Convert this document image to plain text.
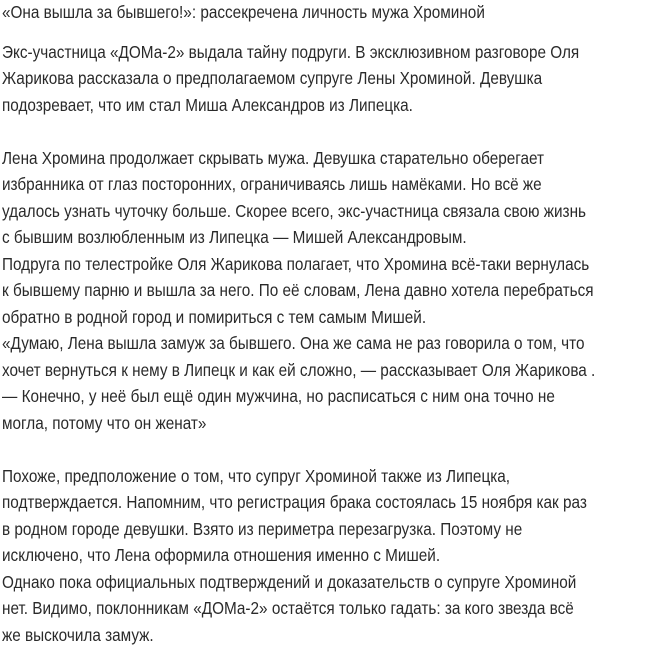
«Она вышла за бывшего!»: рассекречена личность мужа Хроминой
Экс-участница «ДОМа-2» выдала тайну подруги. В эксклюзивном разговоре Оля
Жарикова рассказала о предполагаемом супруге Лены Хроминой. Девушка
подозревает, что им стал Миша Александров из Липецка.
Лена Хромина продолжает скрывать мужа. Девушка старательно оберегает
избранника от глаз посторонних, ограничиваясь лишь намёками. Но всё же
удалось узнать чуточку больше. Скорее всего, экс-участница связала свою жизнь
с бывшим возлюбленным из Липецка — Мишей Александровым.
Подруга по телестройке Оля Жарикова полагает, что Хромина всё-таки вернулась
к бывшему парню и вышла за него. По её словам, Лена давно хотела перебраться
обратно в родной город и помириться с тем самым Мишей.
«Думаю, Лена вышла замуж за бывшего. Она же сама не раз говорила о том, что
хочет вернуться к нему в Липецк и как ей сложно, — рассказывает Оля Жарикова .
— Конечно, у неё был ещё один мужчина, но расписаться с ним она точно не
могла, потому что он женат»
Похоже, предположение о том, что супруг Хроминой также из Липецка,
подтверждается. Напомним, что регистрация брака состоялась 15 ноября как раз
в родном городе девушки. Взято из периметра перезагрузка. Поэтому не
исключено, что Лена оформила отношения именно с Мишей.
Однако пока официальных подтверждений и доказательств о супруге Хроминой
нет. Видимо, поклонникам «ДОМа-2» остаётся только гадать: за кого звезда всё
же выскочила замуж.
